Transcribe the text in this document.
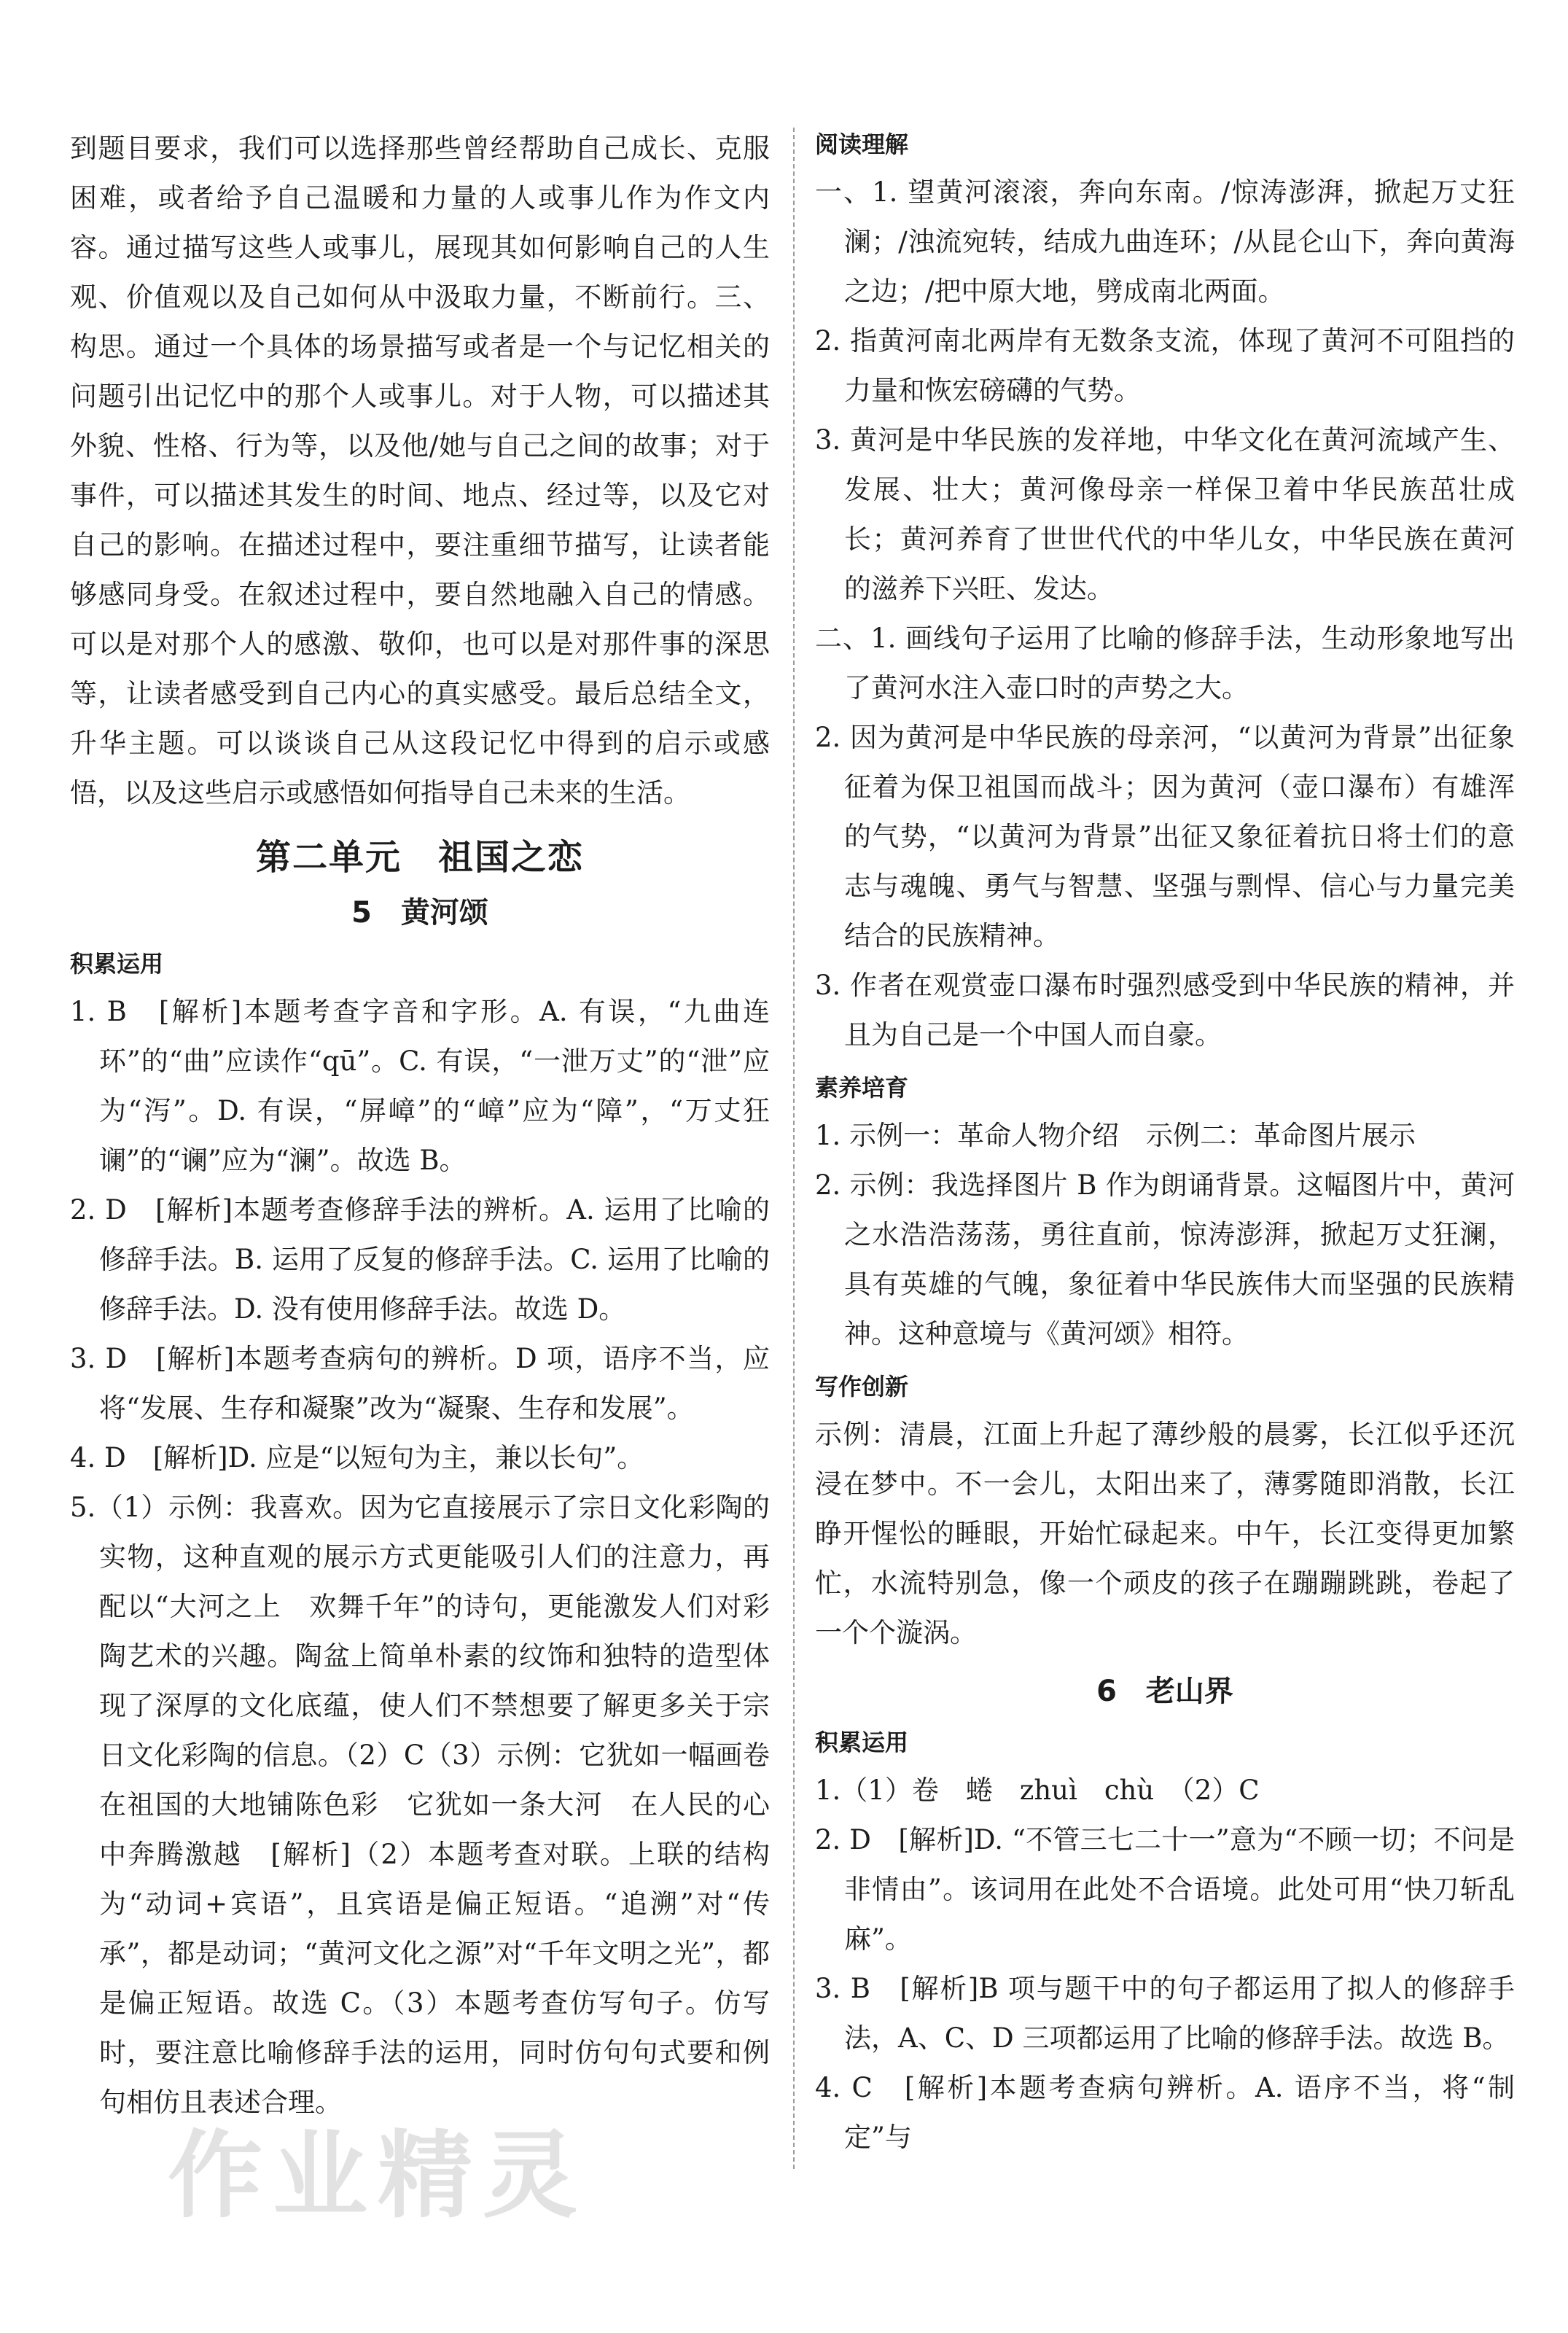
到题目要求，我们可以选择那些曾经帮助自己成长、克服困难，或者给予自己温暖和力量的人或事儿作为作文内容。通过描写这些人或事儿，展现其如何影响自己的人生观、价值观以及自己如何从中汲取力量，不断前行。三、构思。通过一个具体的场景描写或者是一个与记忆相关的问题引出记忆中的那个人或事儿。对于人物，可以描述其外貌、性格、行为等，以及他/她与自己之间的故事；对于事件，可以描述其发生的时间、地点、经过等，以及它对自己的影响。在描述过程中，要注重细节描写，让读者能够感同身受。在叙述过程中，要自然地融入自己的情感。可以是对那个人的感激、敬仰，也可以是对那件事的深思等，让读者感受到自己内心的真实感受。最后总结全文，升华主题。可以谈谈自己从这段记忆中得到的启示或感悟，以及这些启示或感悟如何指导自己未来的生活。

第二单元　祖国之恋
5　黄河颂
积累运用

1. B　[解析]本题考查字音和字形。A. 有误，“九曲连环”的“曲”应读作“qū”。C. 有误，“一泄万丈”的“泄”应为“泻”。D. 有误，“屏嶂”的“嶂”应为“障”，“万丈狂谰”的“谰”应为“澜”。故选 B。

2. D　[解析]本题考查修辞手法的辨析。A. 运用了比喻的修辞手法。B. 运用了反复的修辞手法。C. 运用了比喻的修辞手法。D. 没有使用修辞手法。故选 D。

3. D　[解析]本题考查病句的辨析。D 项，语序不当，应将“发展、生存和凝聚”改为“凝聚、生存和发展”。

4. D　[解析]D. 应是“以短句为主，兼以长句”。

5.（1）示例：我喜欢。因为它直接展示了宗日文化彩陶的实物，这种直观的展示方式更能吸引人们的注意力，再配以“大河之上　欢舞千年”的诗句，更能激发人们对彩陶艺术的兴趣。陶盆上简单朴素的纹饰和独特的造型体现了深厚的文化底蕴，使人们不禁想要了解更多关于宗日文化彩陶的信息。（2）C（3）示例：它犹如一幅画卷　在祖国的大地铺陈色彩　它犹如一条大河　在人民的心中奔腾激越　[解析]（2）本题考查对联。上联的结构为“动词+宾语”，且宾语是偏正短语。“追溯”对“传承”，都是动词；“黄河文化之源”对“千年文明之光”，都是偏正短语。故选 C。（3）本题考查仿写句子。仿写时，要注意比喻修辞手法的运用，同时仿句句式要和例句相仿且表述合理。

阅读理解

一、1. 望黄河滚滚，奔向东南。/惊涛澎湃，掀起万丈狂澜；/浊流宛转，结成九曲连环；/从昆仑山下，奔向黄海之边；/把中原大地，劈成南北两面。

2. 指黄河南北两岸有无数条支流，体现了黄河不可阻挡的力量和恢宏磅礴的气势。

3. 黄河是中华民族的发祥地，中华文化在黄河流域产生、发展、壮大；黄河像母亲一样保卫着中华民族茁壮成长；黄河养育了世世代代的中华儿女，中华民族在黄河的滋养下兴旺、发达。

二、1. 画线句子运用了比喻的修辞手法，生动形象地写出了黄河水注入壶口时的声势之大。

2. 因为黄河是中华民族的母亲河，“以黄河为背景”出征象征着为保卫祖国而战斗；因为黄河（壶口瀑布）有雄浑的气势，“以黄河为背景”出征又象征着抗日将士们的意志与魂魄、勇气与智慧、坚强与剽悍、信心与力量完美结合的民族精神。

3. 作者在观赏壶口瀑布时强烈感受到中华民族的精神，并且为自己是一个中国人而自豪。

素养培育

1. 示例一：革命人物介绍　示例二：革命图片展示

2. 示例：我选择图片 B 作为朗诵背景。这幅图片中，黄河之水浩浩荡荡，勇往直前，惊涛澎湃，掀起万丈狂澜，具有英雄的气魄，象征着中华民族伟大而坚强的民族精神。这种意境与《黄河颂》相符。

写作创新

示例：清晨，江面上升起了薄纱般的晨雾，长江似乎还沉浸在梦中。不一会儿，太阳出来了，薄雾随即消散，长江睁开惺忪的睡眼，开始忙碌起来。中午，长江变得更加繁忙，水流特别急，像一个顽皮的孩子在蹦蹦跳跳，卷起了一个个漩涡。

6　老山界
积累运用

1.（1）卷　蜷　zhuì　chù　（2）C

2. D　[解析]D. “不管三七二十一”意为“不顾一切；不问是非情由”。该词用在此处不合语境。此处可用“快刀斩乱麻”。

3. B　[解析]B 项与题干中的句子都运用了拟人的修辞手法，A、C、D 三项都运用了比喻的修辞手法。故选 B。

4. C　[解析]本题考查病句辨析。A. 语序不当，将“制定”与

作业精灵
